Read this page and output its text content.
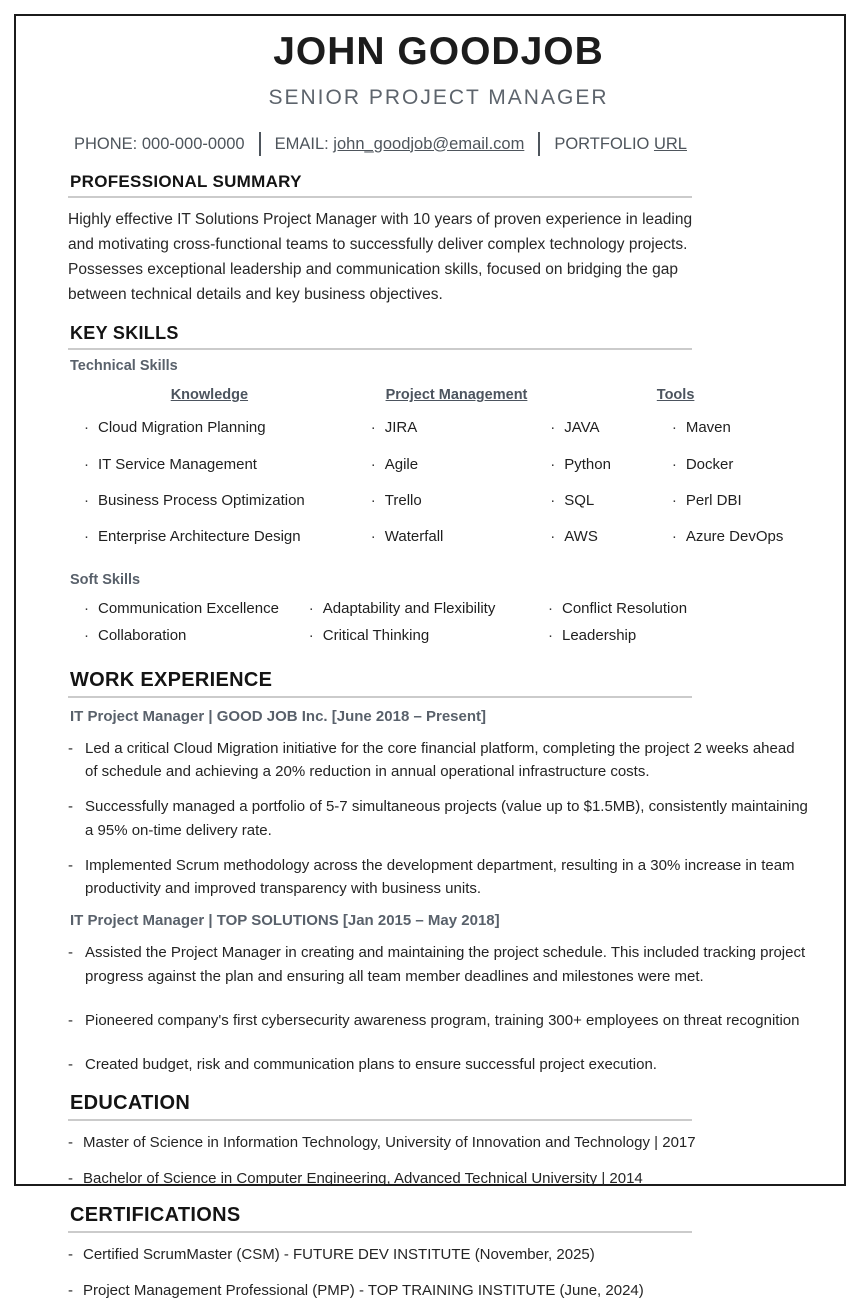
JOHN GOODJOB
SENIOR PROJECT MANAGER
PHONE: 000-000-0000 EMAIL: john_goodjob@email.com PORTFOLIO URL
PROFESSIONAL SUMMARY
Highly effective IT Solutions Project Manager with 10 years of proven experience in leading and motivating cross-functional teams to successfully deliver complex technology projects. Possesses exceptional leadership and communication skills, focused on bridging the gap between technical details and key business objectives.
KEY SKILLS
Technical Skills
Knowledge
· Cloud Migration Planning
· IT Service Management
· Business Process Optimization
· Enterprise Architecture Design
Project Management
· JIRA
· Agile
· Trello
· Waterfall
Tools
· JAVA
· Python
· SQL
· AWS
· Maven
· Docker
· Perl DBI
· Azure DevOps
Soft Skills
· Communication Excellence
· Collaboration
· Adaptability and Flexibility
· Critical Thinking
· Conflict Resolution
· Leadership
WORK EXPERIENCE
IT Project Manager | GOOD JOB Inc. [June 2018 – Present]
- Led a critical Cloud Migration initiative for the core financial platform, completing the project 2 weeks ahead of schedule and achieving a 20% reduction in annual operational infrastructure costs.
- Successfully managed a portfolio of 5-7 simultaneous projects (value up to $1.5MB), consistently maintaining a 95% on-time delivery rate.
- Implemented Scrum methodology across the development department, resulting in a 30% increase in team productivity and improved transparency with business units.
IT Project Manager | TOP SOLUTIONS [Jan 2015 – May 2018]
- Assisted the Project Manager in creating and maintaining the project schedule. This included tracking project progress against the plan and ensuring all team member deadlines and milestones were met.
- Pioneered company's first cybersecurity awareness program, training 300+ employees on threat recognition
- Created budget, risk and communication plans to ensure successful project execution.
EDUCATION
- Master of Science in Information Technology, University of Innovation and Technology | 2017
- Bachelor of Science in Computer Engineering, Advanced Technical University | 2014
CERTIFICATIONS
- Certified ScrumMaster (CSM) - FUTURE DEV INSTITUTE (November, 2025)
- Project Management Professional (PMP) - TOP TRAINING INSTITUTE (June, 2024)
